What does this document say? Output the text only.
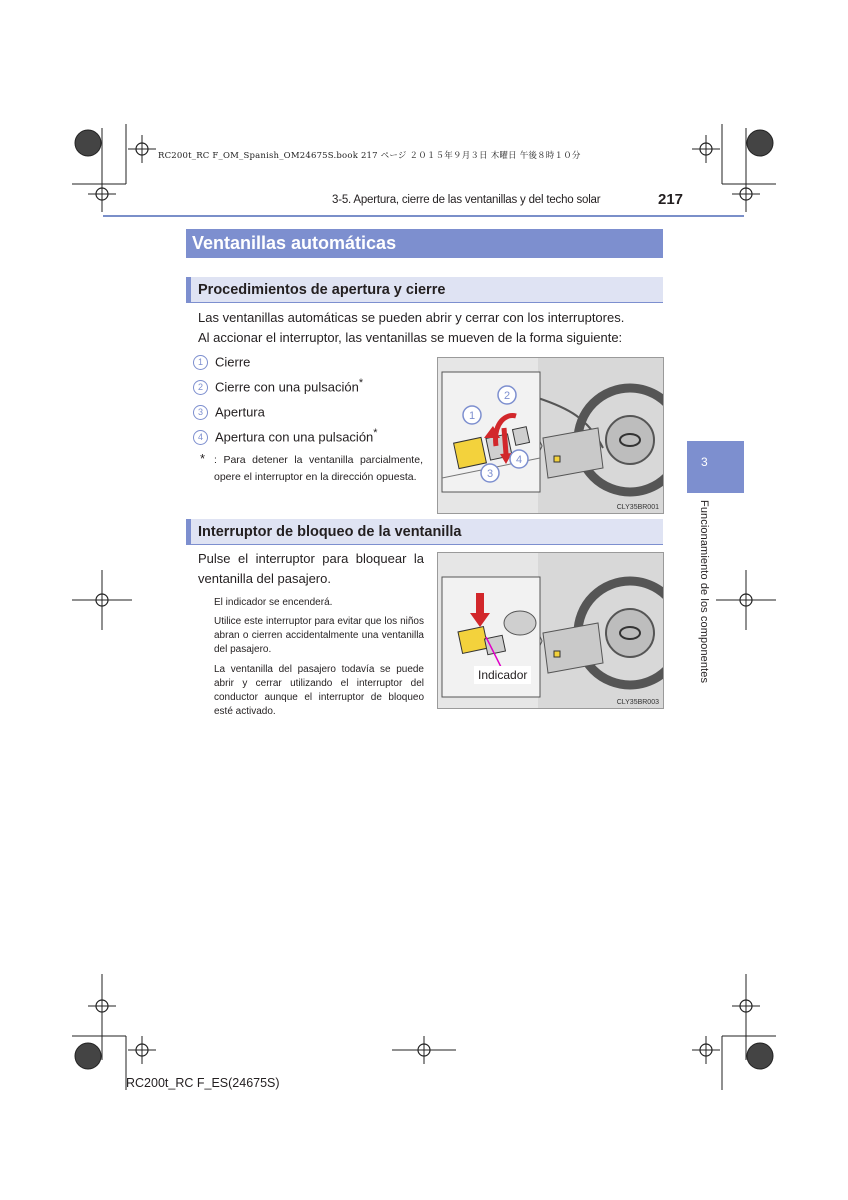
RC200t_RC F_OM_Spanish_OM24675S.book 217 ページ ２０１５年９月３日 木曜日 午後８時１０分
3-5. Apertura, cierre de las ventanillas y del techo solar	217
Ventanillas automáticas
Procedimientos de apertura y cierre
Las ventanillas automáticas se pueden abrir y cerrar con los interruptores.
Al accionar el interruptor, las ventanillas se mueven de la forma siguiente:
1 Cierre
2 Cierre con una pulsación*
3 Apertura
4 Apertura con una pulsación*
* : Para detener la ventanilla parcialmente, opere el interruptor en la dirección opuesta.
1
2
3
4
CLY35BR001
Interruptor de bloqueo de la ventanilla
Pulse el interruptor para bloquear la ventanilla del pasajero.
El indicador se encenderá.
Utilice este interruptor para evitar que los niños abran o cierren accidentalmente una ventanilla del pasajero.
La ventanilla del pasajero todavía se puede abrir y cerrar utilizando el interruptor del conductor aunque el interruptor de bloqueo esté activado.
Indicador
CLY35BR003
3
Funcionamiento de los componentes
RC200t_RC F_ES(24675S)
